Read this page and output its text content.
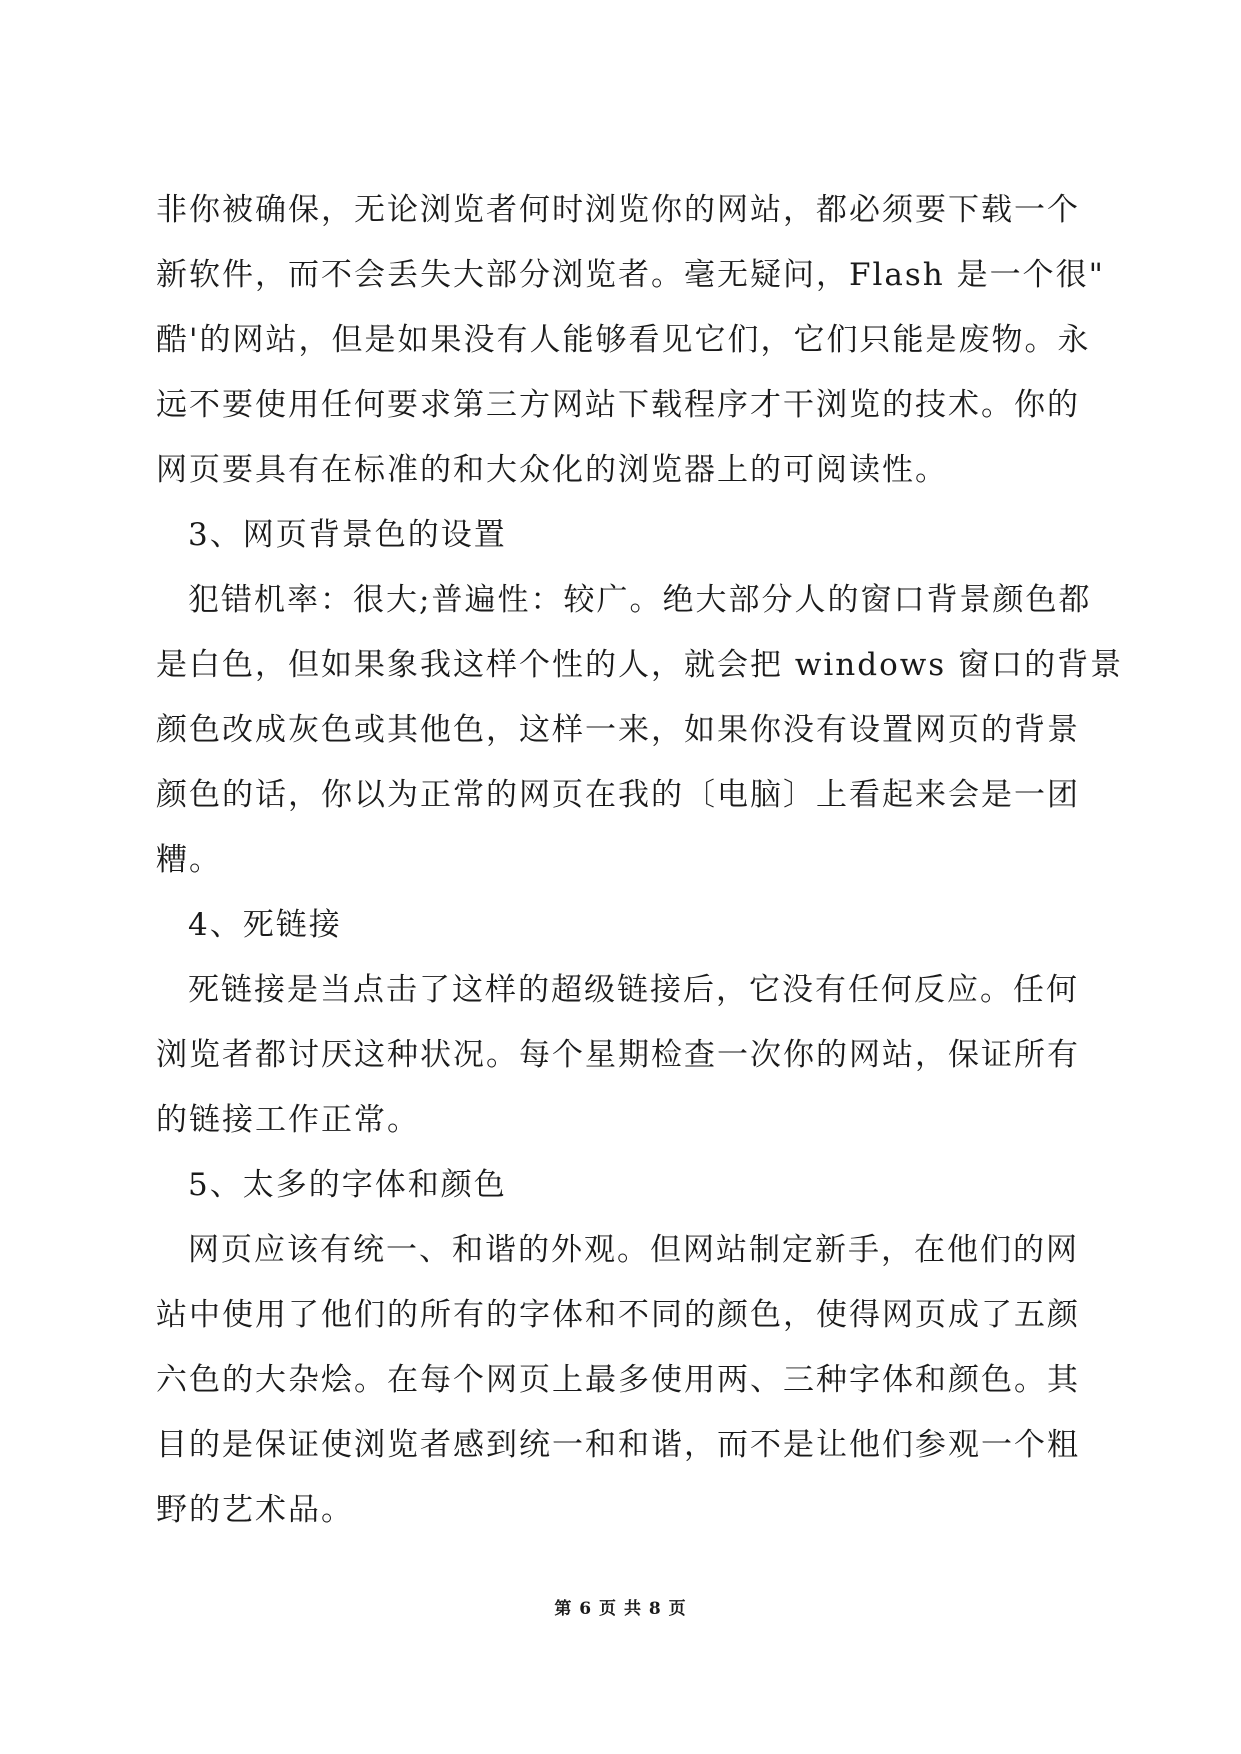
非你被确保，无论浏览者何时浏览你的网站，都必须要下载一个
新软件，而不会丢失大部分浏览者。毫无疑问，Flash 是一个很"
酷'的网站，但是如果没有人能够看见它们，它们只能是废物。永
远不要使用任何要求第三方网站下载程序才干浏览的技术。你的
网页要具有在标准的和大众化的浏览器上的可阅读性。
3、网页背景色的设置
犯错机率：很大;普遍性：较广。绝大部分人的窗口背景颜色都
是白色，但如果象我这样个性的人，就会把 windows 窗口的背景
颜色改成灰色或其他色，这样一来，如果你没有设置网页的背景
颜色的话，你以为正常的网页在我的〔电脑〕上看起来会是一团
糟。
4、死链接
死链接是当点击了这样的超级链接后，它没有任何反应。任何
浏览者都讨厌这种状况。每个星期检查一次你的网站，保证所有
的链接工作正常。
5、太多的字体和颜色
网页应该有统一、和谐的外观。但网站制定新手，在他们的网
站中使用了他们的所有的字体和不同的颜色，使得网页成了五颜
六色的大杂烩。在每个网页上最多使用两、三种字体和颜色。其
目的是保证使浏览者感到统一和和谐，而不是让他们参观一个粗
野的艺术品。
第 6 页 共 8 页
